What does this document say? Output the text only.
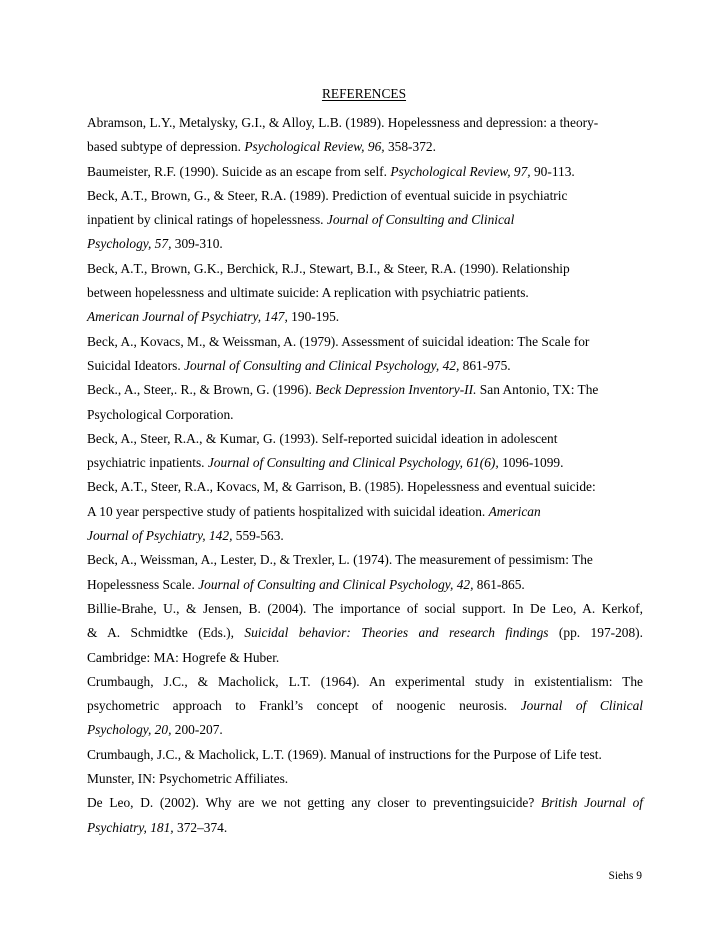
REFERENCES
Abramson, L.Y., Metalysky, G.I., & Alloy, L.B. (1989). Hopelessness and depression: a theory-
based subtype of depression. Psychological Review, 96, 358-372.
Baumeister, R.F. (1990). Suicide as an escape from self. Psychological Review, 97, 90-113.
Beck, A.T., Brown, G., & Steer, R.A. (1989). Prediction of eventual suicide in psychiatric
inpatient by clinical ratings of hopelessness. Journal of Consulting and Clinical
Psychology, 57, 309-310.
Beck, A.T., Brown, G.K., Berchick, R.J., Stewart, B.I., & Steer, R.A. (1990). Relationship
between hopelessness and ultimate suicide: A replication with psychiatric patients.
American Journal of Psychiatry, 147, 190-195.
Beck, A., Kovacs, M., & Weissman, A. (1979). Assessment of suicidal ideation: The Scale for
Suicidal Ideators. Journal of Consulting and Clinical Psychology, 42, 861-975.
Beck., A., Steer,. R., & Brown, G. (1996). Beck Depression Inventory-II. San Antonio, TX: The
Psychological Corporation.
Beck, A., Steer, R.A., & Kumar, G. (1993). Self-reported suicidal ideation in adolescent
psychiatric inpatients. Journal of Consulting and Clinical Psychology, 61(6), 1096-1099.
Beck, A.T., Steer, R.A., Kovacs, M, & Garrison, B. (1985). Hopelessness and eventual suicide:
A 10 year perspective study of patients hospitalized with suicidal ideation. American
Journal of Psychiatry, 142, 559-563.
Beck, A., Weissman, A., Lester, D., & Trexler, L. (1974). The measurement of pessimism: The
Hopelessness Scale. Journal of Consulting and Clinical Psychology, 42, 861-865.
Billie-Brahe, U., & Jensen, B. (2004). The importance of social support. In De Leo, A. Kerkof,
& A. Schmidtke (Eds.), Suicidal behavior: Theories and research findings (pp. 197-208).
Cambridge: MA: Hogrefe & Huber.
Crumbaugh, J.C., & Macholick, L.T. (1964). An experimental study in existentialism: The
psychometric approach to Frankl’s concept of noogenic neurosis. Journal of Clinical
Psychology, 20, 200-207.
Crumbaugh, J.C., & Macholick, L.T. (1969). Manual of instructions for the Purpose of Life test.
Munster, IN: Psychometric Affiliates.
De Leo, D. (2002). Why are we not getting any closer to preventingsuicide? British Journal of
Psychiatry, 181, 372–374.
Siehs 9
